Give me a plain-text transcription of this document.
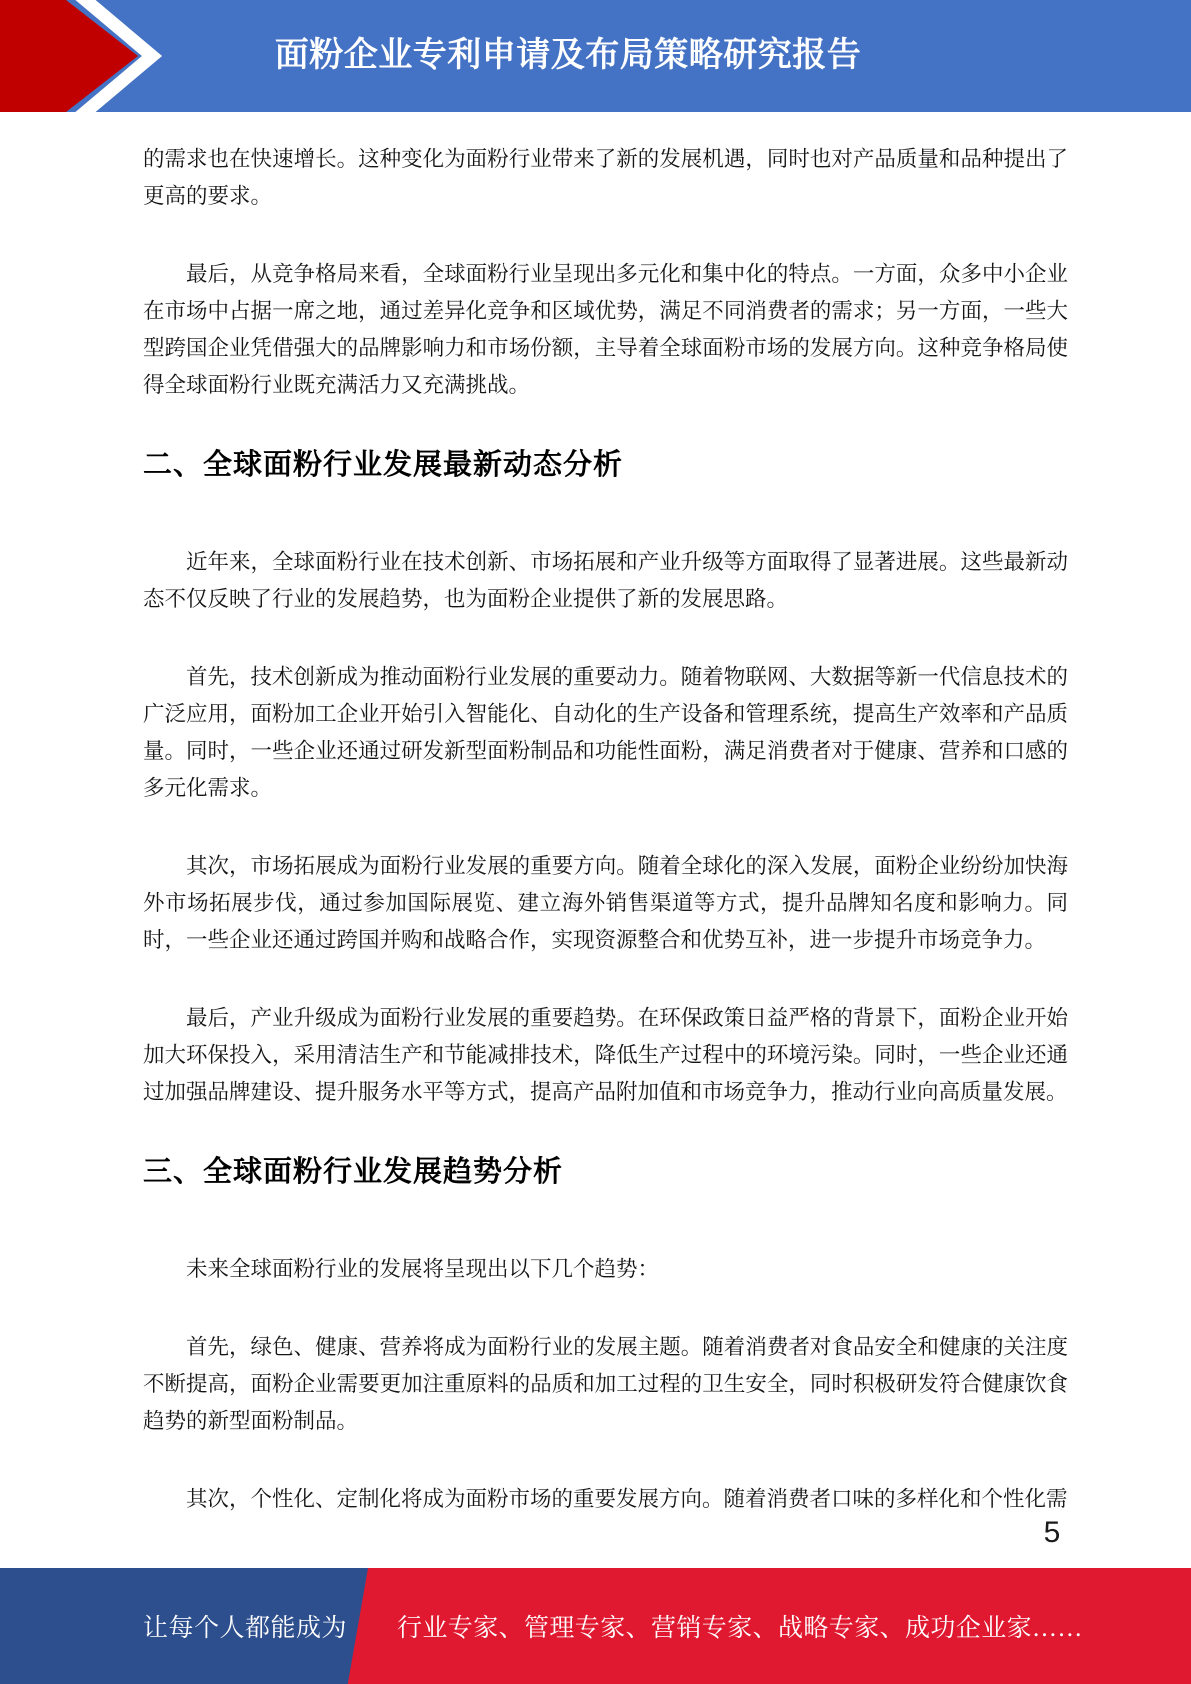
面粉企业专利申请及布局策略研究报告

的需求也在快速增长。这种变化为面粉行业带来了新的发展机遇，同时也对产品质量和品种提出了更高的要求。

最后，从竞争格局来看，全球面粉行业呈现出多元化和集中化的特点。一方面，众多中小企业在市场中占据一席之地，通过差异化竞争和区域优势，满足不同消费者的需求；另一方面，一些大型跨国企业凭借强大的品牌影响力和市场份额，主导着全球面粉市场的发展方向。这种竞争格局使得全球面粉行业既充满活力又充满挑战。

二、全球面粉行业发展最新动态分析

近年来，全球面粉行业在技术创新、市场拓展和产业升级等方面取得了显著进展。这些最新动态不仅反映了行业的发展趋势，也为面粉企业提供了新的发展思路。

首先，技术创新成为推动面粉行业发展的重要动力。随着物联网、大数据等新一代信息技术的广泛应用，面粉加工企业开始引入智能化、自动化的生产设备和管理系统，提高生产效率和产品质量。同时，一些企业还通过研发新型面粉制品和功能性面粉，满足消费者对于健康、营养和口感的多元化需求。

其次，市场拓展成为面粉行业发展的重要方向。随着全球化的深入发展，面粉企业纷纷加快海外市场拓展步伐，通过参加国际展览、建立海外销售渠道等方式，提升品牌知名度和影响力。同时，一些企业还通过跨国并购和战略合作，实现资源整合和优势互补，进一步提升市场竞争力。

最后，产业升级成为面粉行业发展的重要趋势。在环保政策日益严格的背景下，面粉企业开始加大环保投入，采用清洁生产和节能减排技术，降低生产过程中的环境污染。同时，一些企业还通过加强品牌建设、提升服务水平等方式，提高产品附加值和市场竞争力，推动行业向高质量发展。

三、全球面粉行业发展趋势分析

未来全球面粉行业的发展将呈现出以下几个趋势：

首先，绿色、健康、营养将成为面粉行业的发展主题。随着消费者对食品安全和健康的关注度不断提高，面粉企业需要更加注重原料的品质和加工过程的卫生安全，同时积极研发符合健康饮食趋势的新型面粉制品。

其次，个性化、定制化将成为面粉市场的重要发展方向。随着消费者口味的多样化和个性化需

5
让每个人都能成为 行业专家、管理专家、营销专家、战略专家、成功企业家……
